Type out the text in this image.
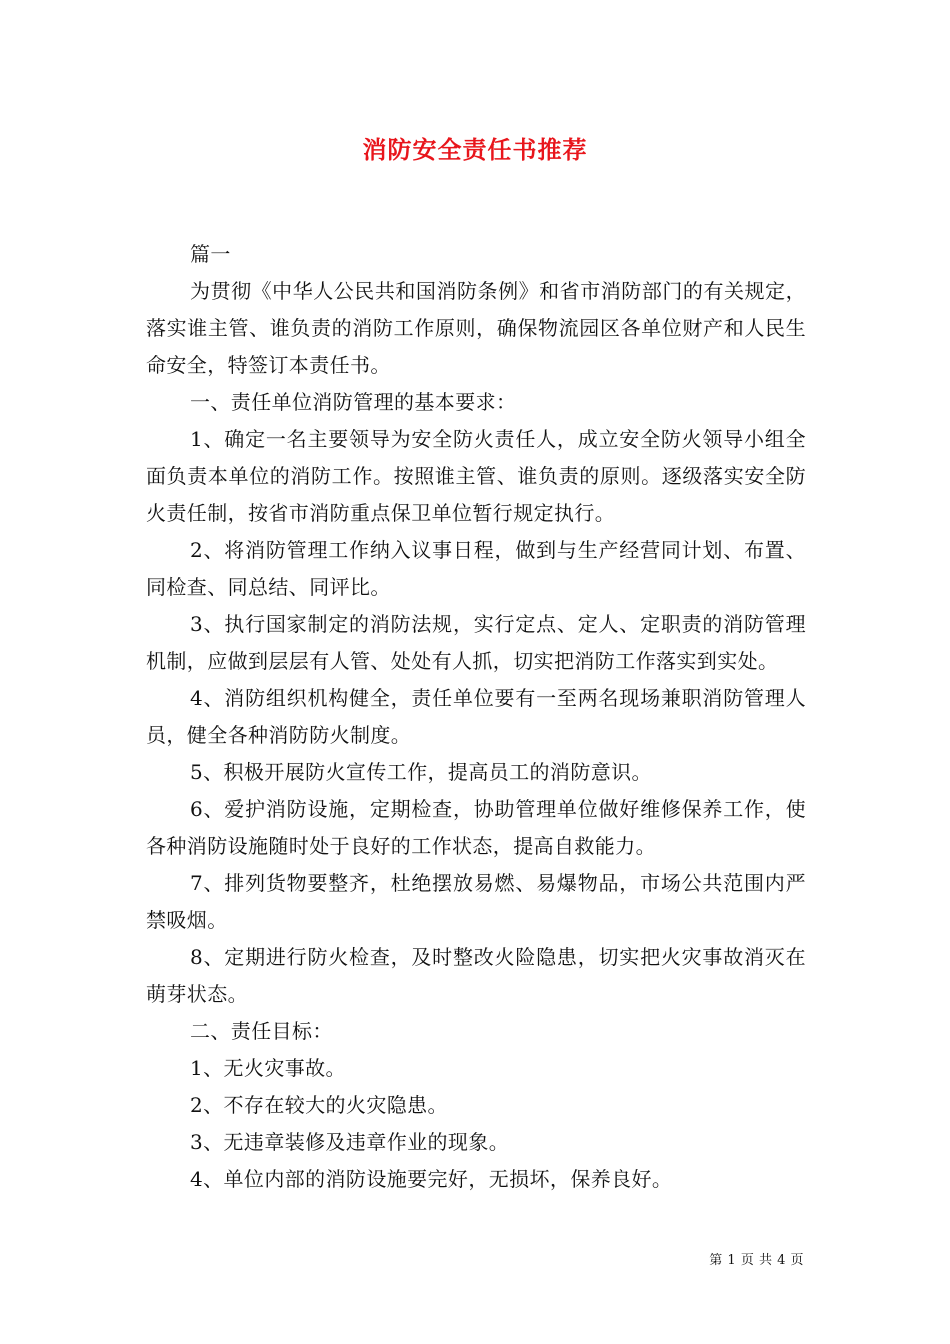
消防安全责任书推荐

篇一

为贯彻《中华人公民共和国消防条例》和省市消防部门的有关规定，落实谁主管、谁负责的消防工作原则，确保物流园区各单位财产和人民生命安全，特签订本责任书。

一、责任单位消防管理的基本要求：

1、确定一名主要领导为安全防火责任人，成立安全防火领导小组全面负责本单位的消防工作。按照谁主管、谁负责的原则。逐级落实安全防火责任制，按省市消防重点保卫单位暂行规定执行。

2、将消防管理工作纳入议事日程，做到与生产经营同计划、布置、同检查、同总结、同评比。

3、执行国家制定的消防法规，实行定点、定人、定职责的消防管理机制，应做到层层有人管、处处有人抓，切实把消防工作落实到实处。

4、消防组织机构健全，责任单位要有一至两名现场兼职消防管理人员，健全各种消防防火制度。

5、积极开展防火宣传工作，提高员工的消防意识。

6、爱护消防设施，定期检查，协助管理单位做好维修保养工作，使各种消防设施随时处于良好的工作状态，提高自救能力。

7、排列货物要整齐，杜绝摆放易燃、易爆物品，市场公共范围内严禁吸烟。

8、定期进行防火检查，及时整改火险隐患，切实把火灾事故消灭在萌芽状态。

二、责任目标：

1、无火灾事故。

2、不存在较大的火灾隐患。

3、无违章装修及违章作业的现象。

4、单位内部的消防设施要完好，无损坏，保养良好。

第 1 页 共 4 页
